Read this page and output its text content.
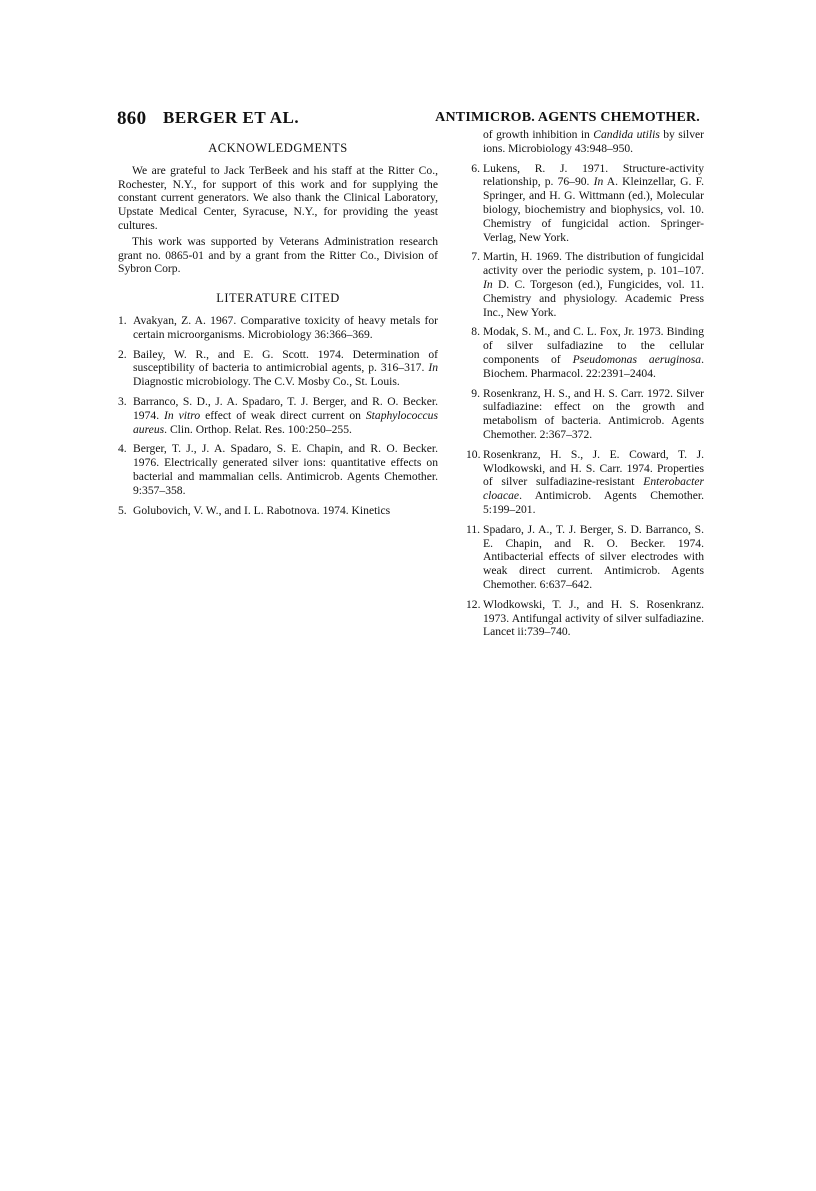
860 BERGER ET AL.	ANTIMICROB. AGENTS CHEMOTHER.
ACKNOWLEDGMENTS

We are grateful to Jack TerBeek and his staff at the Ritter Co., Rochester, N.Y., for support of this work and for supplying the constant current generators. We also thank the Clinical Laboratory, Upstate Medical Center, Syracuse, N.Y., for providing the yeast cultures.

This work was supported by Veterans Administration research grant no. 0865-01 and by a grant from the Ritter Co., Division of Sybron Corp.

LITERATURE CITED
1. Avakyan, Z. A. 1967. Comparative toxicity of heavy metals for certain microorganisms. Microbiology 36:366–369.
2. Bailey, W. R., and E. G. Scott. 1974. Determination of susceptibility of bacteria to antimicrobial agents, p. 316–317. In Diagnostic microbiology. The C.V. Mosby Co., St. Louis.
3. Barranco, S. D., J. A. Spadaro, T. J. Berger, and R. O. Becker. 1974. In vitro effect of weak direct current on Staphylococcus aureus. Clin. Orthop. Relat. Res. 100:250–255.
4. Berger, T. J., J. A. Spadaro, S. E. Chapin, and R. O. Becker. 1976. Electrically generated silver ions: quantitative effects on bacterial and mammalian cells. Antimicrob. Agents Chemother. 9:357–358.
5. Golubovich, V. W., and I. L. Rabotnova. 1974. Kinetics

of growth inhibition in Candida utilis by silver ions. Microbiology 43:948–950.

6. Lukens, R. J. 1971. Structure-activity relationship, p. 76–90. In A. Kleinzellar, G. F. Springer, and H. G. Wittmann (ed.), Molecular biology, biochemistry and biophysics, vol. 10. Chemistry of fungicidal action. Springer-Verlag, New York.
7. Martin, H. 1969. The distribution of fungicidal activity over the periodic system, p. 101–107. In D. C. Torgeson (ed.), Fungicides, vol. 11. Chemistry and physiology. Academic Press Inc., New York.
8. Modak, S. M., and C. L. Fox, Jr. 1973. Binding of silver sulfadiazine to the cellular components of Pseudomonas aeruginosa. Biochem. Pharmacol. 22:2391–2404.
9. Rosenkranz, H. S., and H. S. Carr. 1972. Silver sulfadiazine: effect on the growth and metabolism of bacteria. Antimicrob. Agents Chemother. 2:367–372.
10. Rosenkranz, H. S., J. E. Coward, T. J. Wlodkowski, and H. S. Carr. 1974. Properties of silver sulfadiazine-resistant Enterobacter cloacae. Antimicrob. Agents Chemother. 5:199–201.
11. Spadaro, J. A., T. J. Berger, S. D. Barranco, S. E. Chapin, and R. O. Becker. 1974. Antibacterial effects of silver electrodes with weak direct current. Antimicrob. Agents Chemother. 6:637–642.
12. Wlodkowski, T. J., and H. S. Rosenkranz. 1973. Antifungal activity of silver sulfadiazine. Lancet ii:739–740.
